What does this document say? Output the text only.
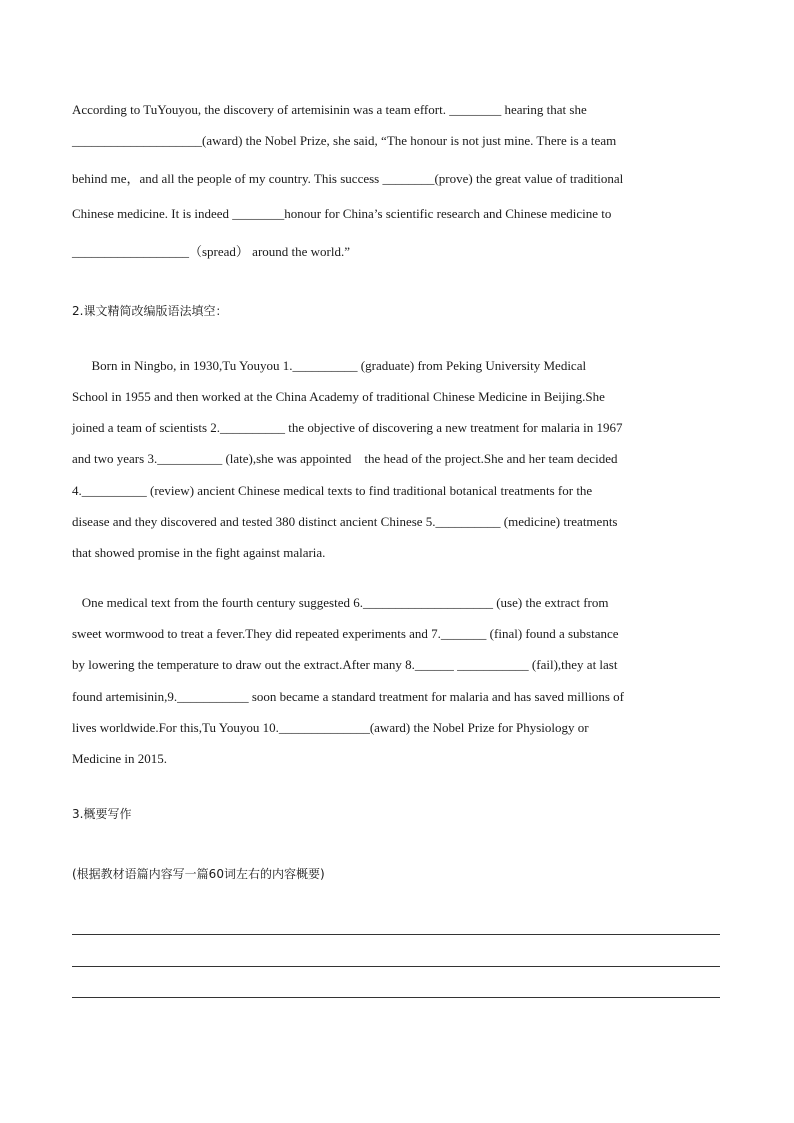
According to TuYouyou, the discovery of artemisinin was a team effort. ________ hearing that she
____________________(award) the Nobel Prize, she said, “The honour is not just mine. There is a team
behind me，and all the people of my country. This success ________(prove) the great value of traditional
Chinese medicine. It is indeed ________honour for China’s scientific research and Chinese medicine to
__________________（spread） around the world.”
2.课文精简改编版语法填空：
Born in Ningbo, in 1930,Tu Youyou 1.__________ (graduate) from Peking University Medical
School in 1955 and then worked at the China Academy of traditional Chinese Medicine in Beijing.She
joined a team of scientists 2.__________ the objective of discovering a new treatment for malaria in 1967
and two years 3.__________ (late),she was appointed    the head of the project.She and her team decided
4.__________ (review) ancient Chinese medical texts to find traditional botanical treatments for the
disease and they discovered and tested 380 distinct ancient Chinese 5.__________ (medicine) treatments
that showed promise in the fight against malaria.
One medical text from the fourth century suggested 6.____________________ (use) the extract from
sweet wormwood to treat a fever.They did repeated experiments and 7._______ (final) found a substance
by lowering the temperature to draw out the extract.After many 8.______ ___________ (fail),they at last
found artemisinin,9.___________ soon became a standard treatment for malaria and has saved millions of
lives worldwide.For this,Tu Youyou 10.______________(award) the Nobel Prize for Physiology or
Medicine in 2015.
3.概要写作
(根据教材语篇内容写一篇60词左右的内容概要)
